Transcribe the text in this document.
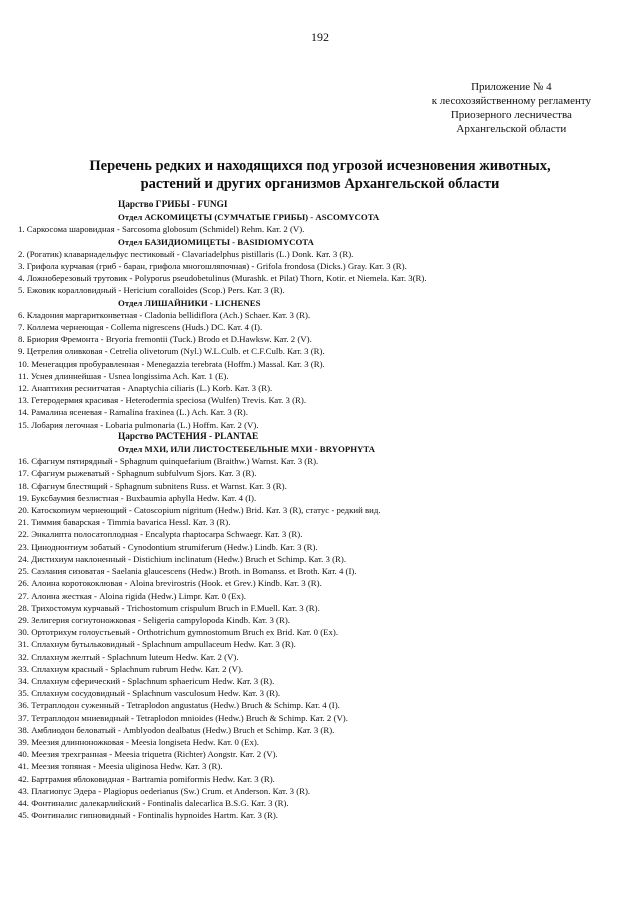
192
Приложение № 4
к лесохозяйственному регламенту
Приозерного лесничества
Архангельской области
Перечень редких и находящихся под угрозой исчезновения животных,
растений и других организмов Архангельской области
Царство ГРИБЫ - FUNGI
Отдел АСКОМИЦЕТЫ (СУМЧАТЫЕ ГРИБЫ) - ASCOMYCOTA
1. Саркосома шаровидная - Sarcosoma globosum (Schmidel) Rehm. Кат. 2 (V).
Отдел БАЗИДИОМИЦЕТЫ - BASIDIOMYCOTA
2. (Рогатик) клаварнадельфус пестиковый - Clavariadelphus pistillaris (L.) Donk. Кат. 3 (R).
3. Грифола курчавая (гриб - баран, грифола многошляпочная) - Grifola frondosa (Dicks.) Gray. Кат. 3 (R).
4. Ложноберезовый трутовик - Polyporus pseudobetulinus (Murashk. et Pilat) Thorn, Kotir. et Niemela. Кат. 3(R).
5. Ежовик коралловидный - Hericium coralloides (Scop.) Pers. Кат. 3 (R).
Отдел ЛИШАЙНИКИ - LICHENES
6. Кладония маргаритконветная - Cladonia bellidiflora (Ach.) Schaer. Кат. 3 (R).
7. Коллема чернеющая - Collema nigrescens (Huds.) DC. Кат. 4 (I).
8. Бриория Фремонта - Bryoria fremontii (Tuck.) Brodo et D.Hawksw. Кат. 2 (V).
9. Цетрелия оливковая - Cetrelia olivetorum (Nyl.) W.L.Culb. et C.F.Culb. Кат. 3 (R).
10. Менегацция пробуравленная - Menegazzia terebrata (Hoffm.) Massal. Кат. 3 (R).
11. Уснея длиннейшая - Usnea longissima Ach. Кат. 1 (E).
12. Анаптихия реснитчатая - Anaptychia ciliaris (L.) Korb. Кат. 3 (R).
13. Гетеродермия красивая - Heterodermia speciosa (Wulfen) Trevis. Кат. 3 (R).
14. Рамалина ясеневая - Ramalina fraxinea (L.) Ach. Кат. 3 (R).
15. Лобария легочная - Lobaria pulmonaria (L.) Hoffm. Кат. 2 (V).
Царство РАСТЕНИЯ - PLANTAE
Отдел МХИ, ИЛИ ЛИСТОСТЕБЕЛЬНЫЕ МХИ - BRYOPHYTA
16. Сфагнум пятирядный - Sphagnum quinquefarium (Braithw.) Warnst. Кат. 3 (R).
17. Сфагнум рыжеватый - Sphagnum subfulvum Sjors. Кат. 3 (R).
18. Сфагнум блестящий - Sphagnum subnitens Russ. et Warnst. Кат. 3 (R).
19. Буксбаумия безлистная - Buxbaumia aphylla Hedw. Кат. 4 (I).
20. Катоскопиум чернеющий - Catoscopium nigritum (Hedw.) Brid. Кат. 3 (R), статус - редкий вид.
21. Тиммия баварская - Timmia bavarica Hessl. Кат. 3 (R).
22. Энкалипта полосатоплодная - Encalypta rhaptocarpa Schwaegr. Кат. 3 (R).
23. Циноднонтиум зобатый - Cynodontium strumiferum (Hedw.) Lindb. Кат. 3 (R).
24. Дистихиум наклоненный - Distichium inclinatum (Hedw.) Bruch et Schimp. Кат. 3 (R).
25. Саэлания сизоватая - Saelania glaucescens (Hedw.) Broth. in Bomanss. et Broth. Кат. 4 (I).
26. Алоина коротококлювая - Aloina brevirostris (Hook. et Grev.) Kindb. Кат. 3 (R).
27. Алоина жесткая - Aloina rigida (Hedw.) Limpr. Кат. 0 (Ex).
28. Трихостомум курчавый - Trichostomum crispulum Bruch in F.Muell. Кат. 3 (R).
29. Зелигерия согнутоножковая - Seligeria campylopoda Kindb. Кат. 3 (R).
30. Ортотрихум голоустьевый - Orthotrichum gymnostomum Bruch ex Brid. Кат. 0 (Ex).
31. Сплахнум бутыльковидный - Splachnum ampullaceum Hedw. Кат. 3 (R).
32. Сплахнум желтый - Splachnum luteum Hedw. Кат. 2 (V).
33. Сплахнум красный - Splachnum rubrum Hedw. Кат. 2 (V).
34. Сплахнум сферический - Splachnum sphaericum Hedw. Кат. 3 (R).
35. Сплахнум сосудовидный - Splachnum vasculosum Hedw. Кат. 3 (R).
36. Тетраплодон суженный - Tetraplodon angustatus (Hedw.) Bruch & Schimp. Кат. 4 (I).
37. Тетраплодон мниевидный - Tetraplodon mnioides (Hedw.) Bruch & Schimp. Кат. 2 (V).
38. Амблиодон беловатый - Amblyodon dealbatus (Hedw.) Bruch et Schimp. Кат. 3 (R).
39. Меезия длинноножковая - Meesia longiseta Hedw. Кат. 0 (Ex).
40. Меезия трехгранная - Meesia triquetra (Richter) Aongstr. Кат. 2 (V).
41. Меезия топяная - Meesia uliginosa Hedw. Кат. 3 (R).
42. Бартрамия яблоковидная - Bartramia pomiformis Hedw. Кат. 3 (R).
43. Плагиопус Эдера - Plagiopus oederianus (Sw.) Crum. et Anderson. Кат. 3 (R).
44. Фонтиналис далекарлийский - Fontinalis dalecarlica B.S.G. Кат. 3 (R).
45. Фонтиналис гипновидный - Fontinalis hypnoides Hartm. Кат. 3 (R).
